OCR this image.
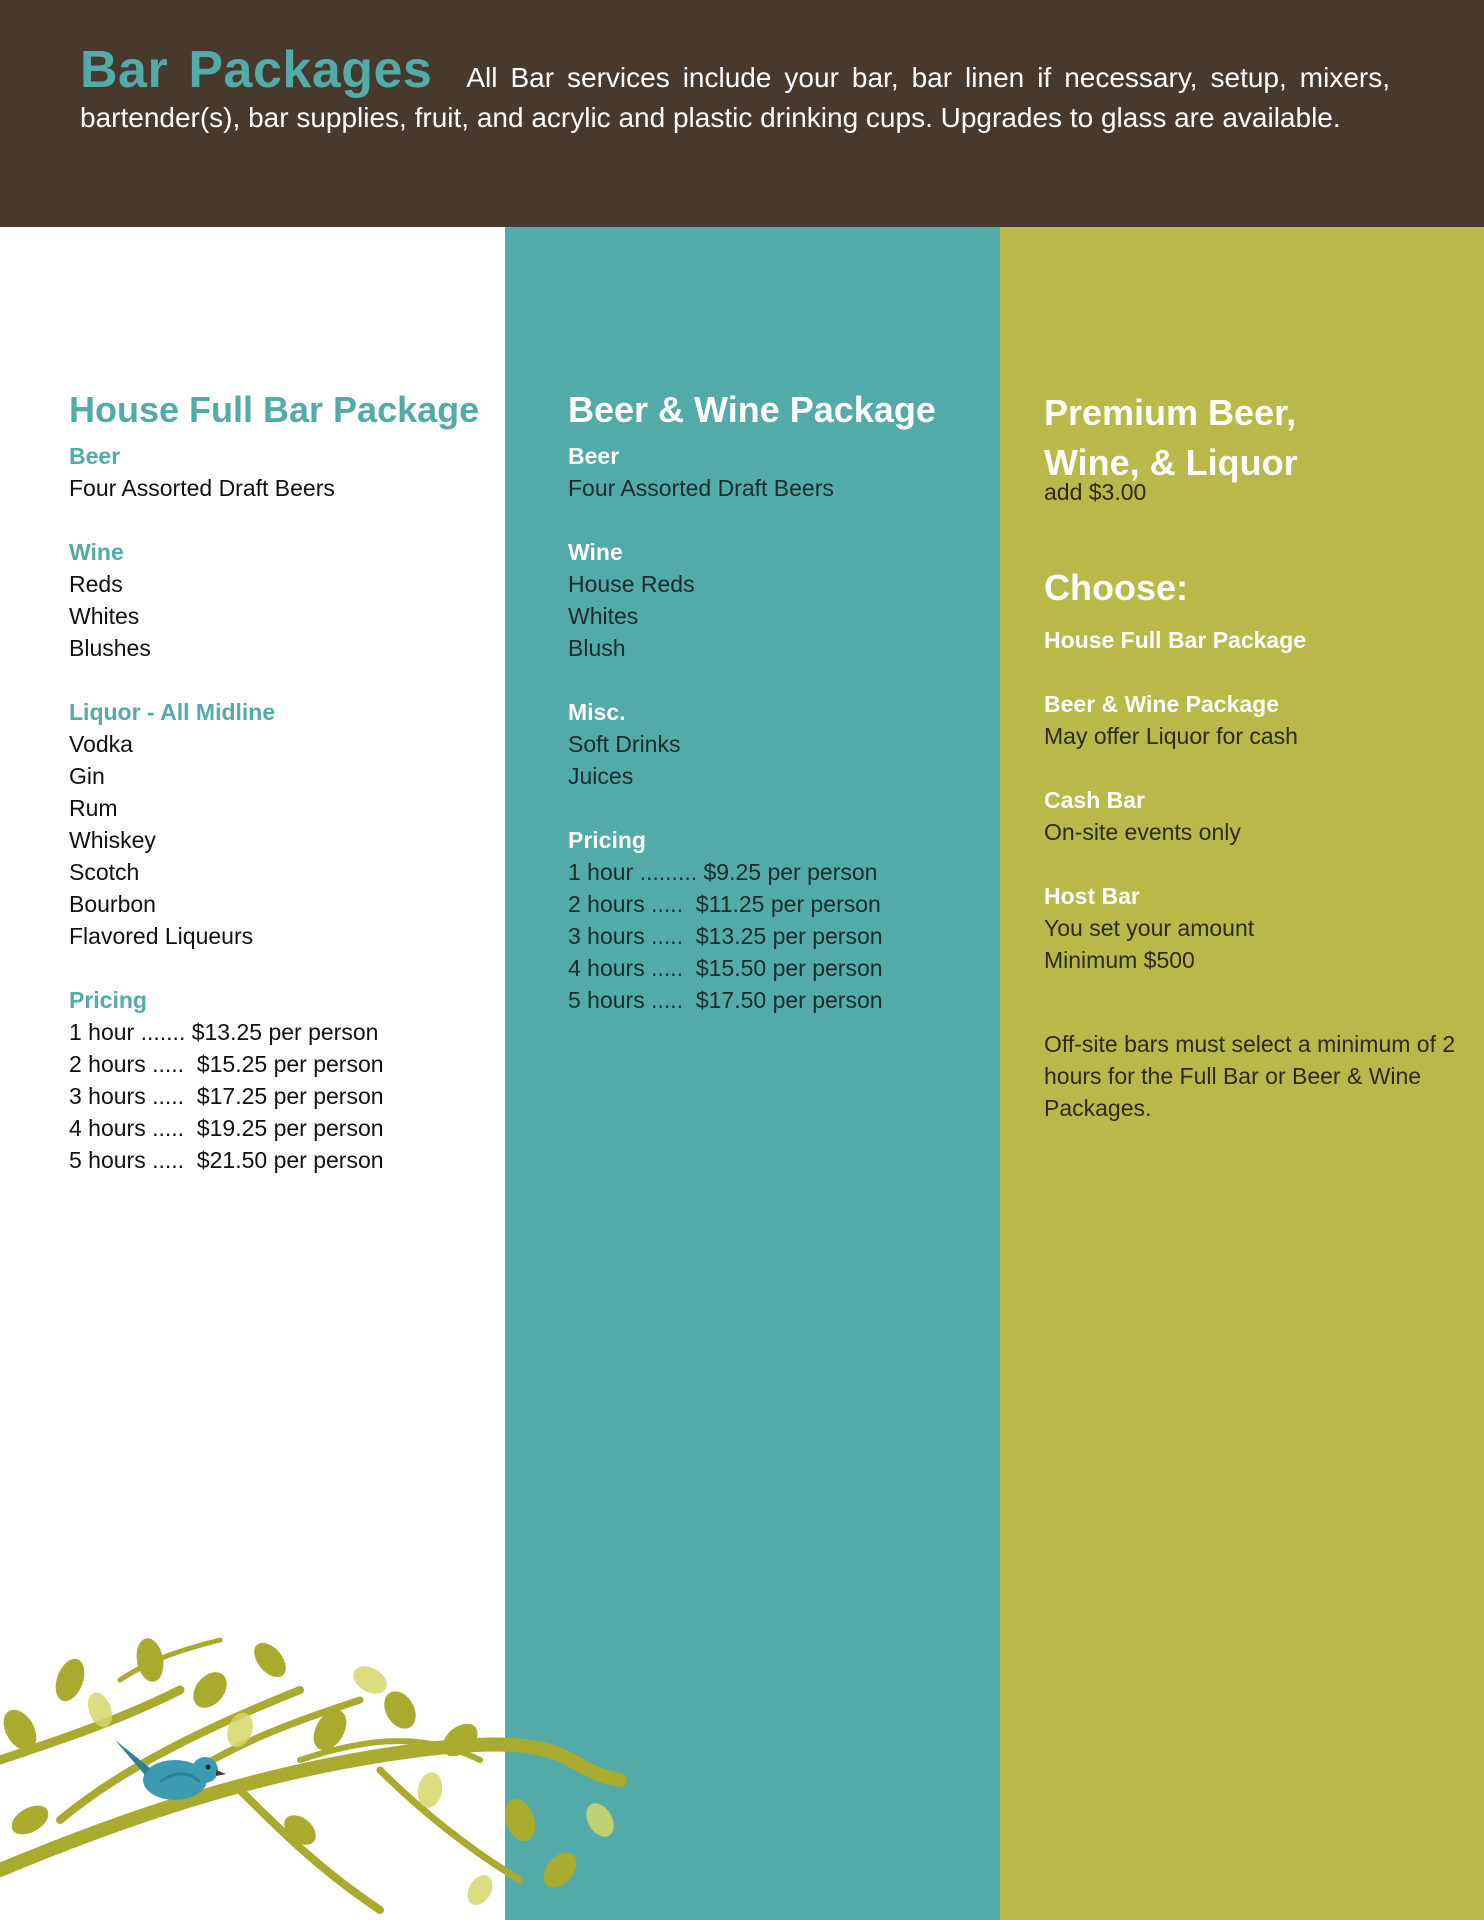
Bar Packages All Bar services include your bar, bar linen if necessary, setup, mixers, bartender(s), bar supplies, fruit, and acrylic and plastic drinking cups. Upgrades to glass are available.
House Full Bar Package
Beer
Four Assorted Draft Beers
Wine
Reds
Whites
Blushes
Liquor - All Midline
Vodka
Gin
Rum
Whiskey
Scotch
Bourbon
Flavored Liqueurs
Pricing
1 hour ....... $13.25 per person
2 hours .....  $15.25 per person
3 hours .....  $17.25 per person
4 hours .....  $19.25 per person
5 hours .....  $21.50 per person
Beer & Wine Package
Beer
Four Assorted Draft Beers
Wine
House Reds
Whites
Blush
Misc.
Soft Drinks
Juices
Pricing
1 hour ......... $9.25 per person
2 hours .....  $11.25 per person
3 hours .....  $13.25 per person
4 hours .....  $15.50 per person
5 hours .....  $17.50 per person
Premium Beer,
Wine, & Liquor
add $3.00
Choose:
House Full Bar Package
Beer & Wine Package
May offer Liquor for cash
Cash Bar
On-site events only
Host Bar
You set your amount
Minimum $500
Off-site bars must select a minimum of 2 hours for the Full Bar or Beer & Wine Packages.
